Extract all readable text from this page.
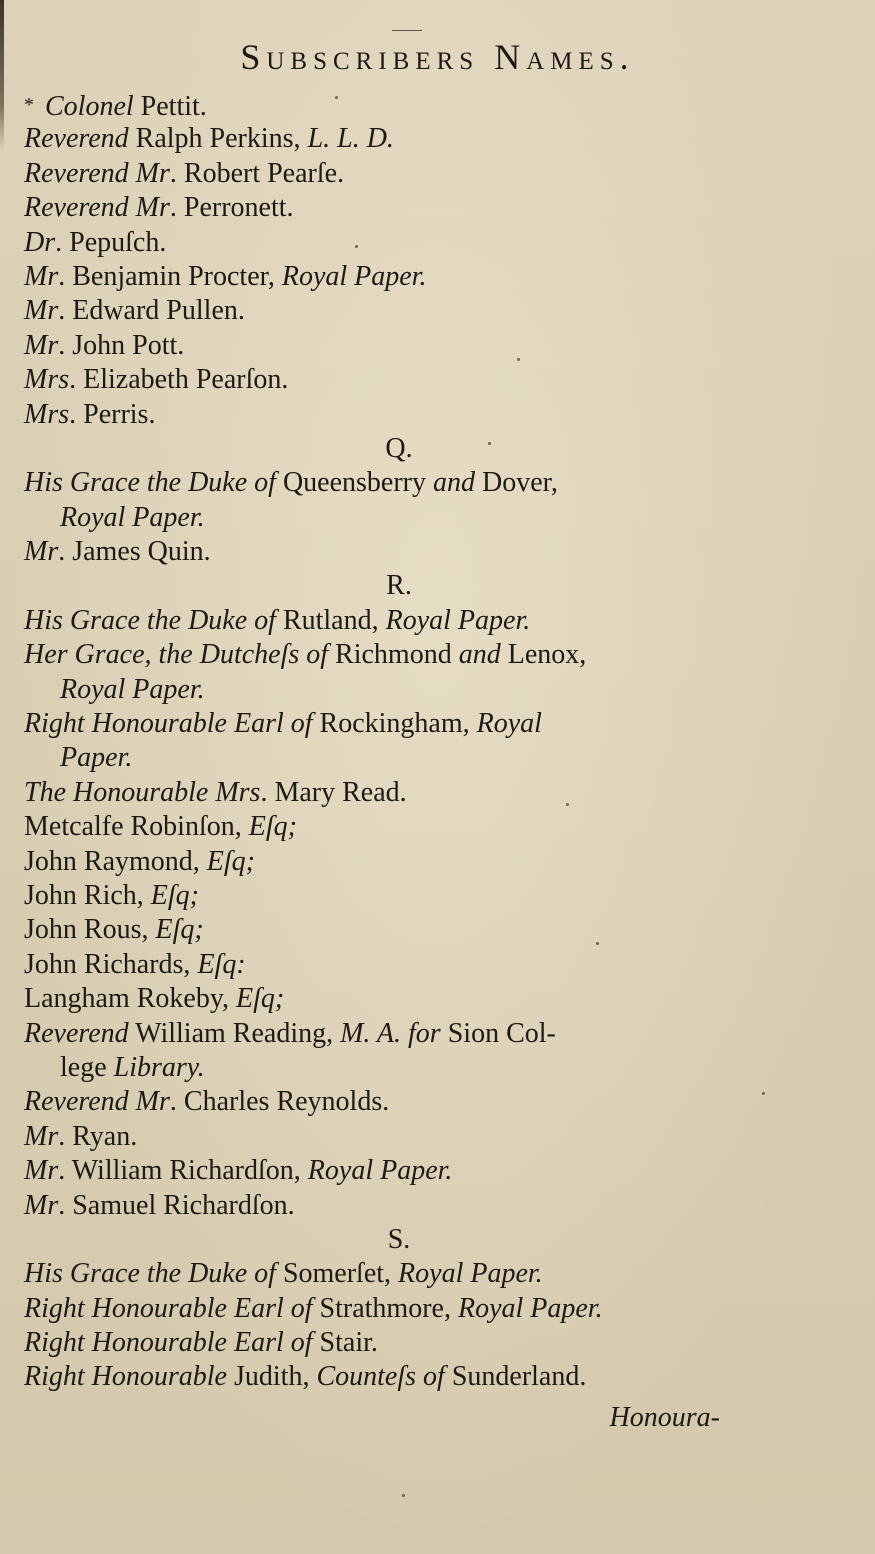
Subscribers Names.
* Colonel Pettit.
Reverend Ralph Perkins, L. L. D.
Reverend Mr. Robert Pearſe.
Reverend Mr. Perronett.
Dr. Pepuſch.
Mr. Benjamin Procter, Royal Paper.
Mr. Edward Pullen.
Mr. John Pott.
Mrs. Elizabeth Pearſon.
Mrs. Perris.
Q.
His Grace the Duke of Queensberry and Dover,
Royal Paper.
Mr. James Quin.
R.
His Grace the Duke of Rutland, Royal Paper.
Her Grace, the Dutcheſs of Richmond and Lenox,
Royal Paper.
Right Honourable Earl of Rockingham, Royal
Paper.
The Honourable Mrs. Mary Read.
Metcalfe Robinſon, Eſq;
John Raymond, Eſq;
John Rich, Eſq;
John Rous, Eſq;
John Richards, Eſq:
Langham Rokeby, Eſq;
Reverend William Reading, M. A. for Sion Col-
lege Library.
Reverend Mr. Charles Reynolds.
Mr. Ryan.
Mr. William Richardſon, Royal Paper.
Mr. Samuel Richardſon.
S.
His Grace the Duke of Somerſet, Royal Paper.
Right Honourable Earl of Strathmore, Royal Paper.
Right Honourable Earl of Stair.
Right Honourable Judith, Counteſs of Sunderland.
Honoura-
